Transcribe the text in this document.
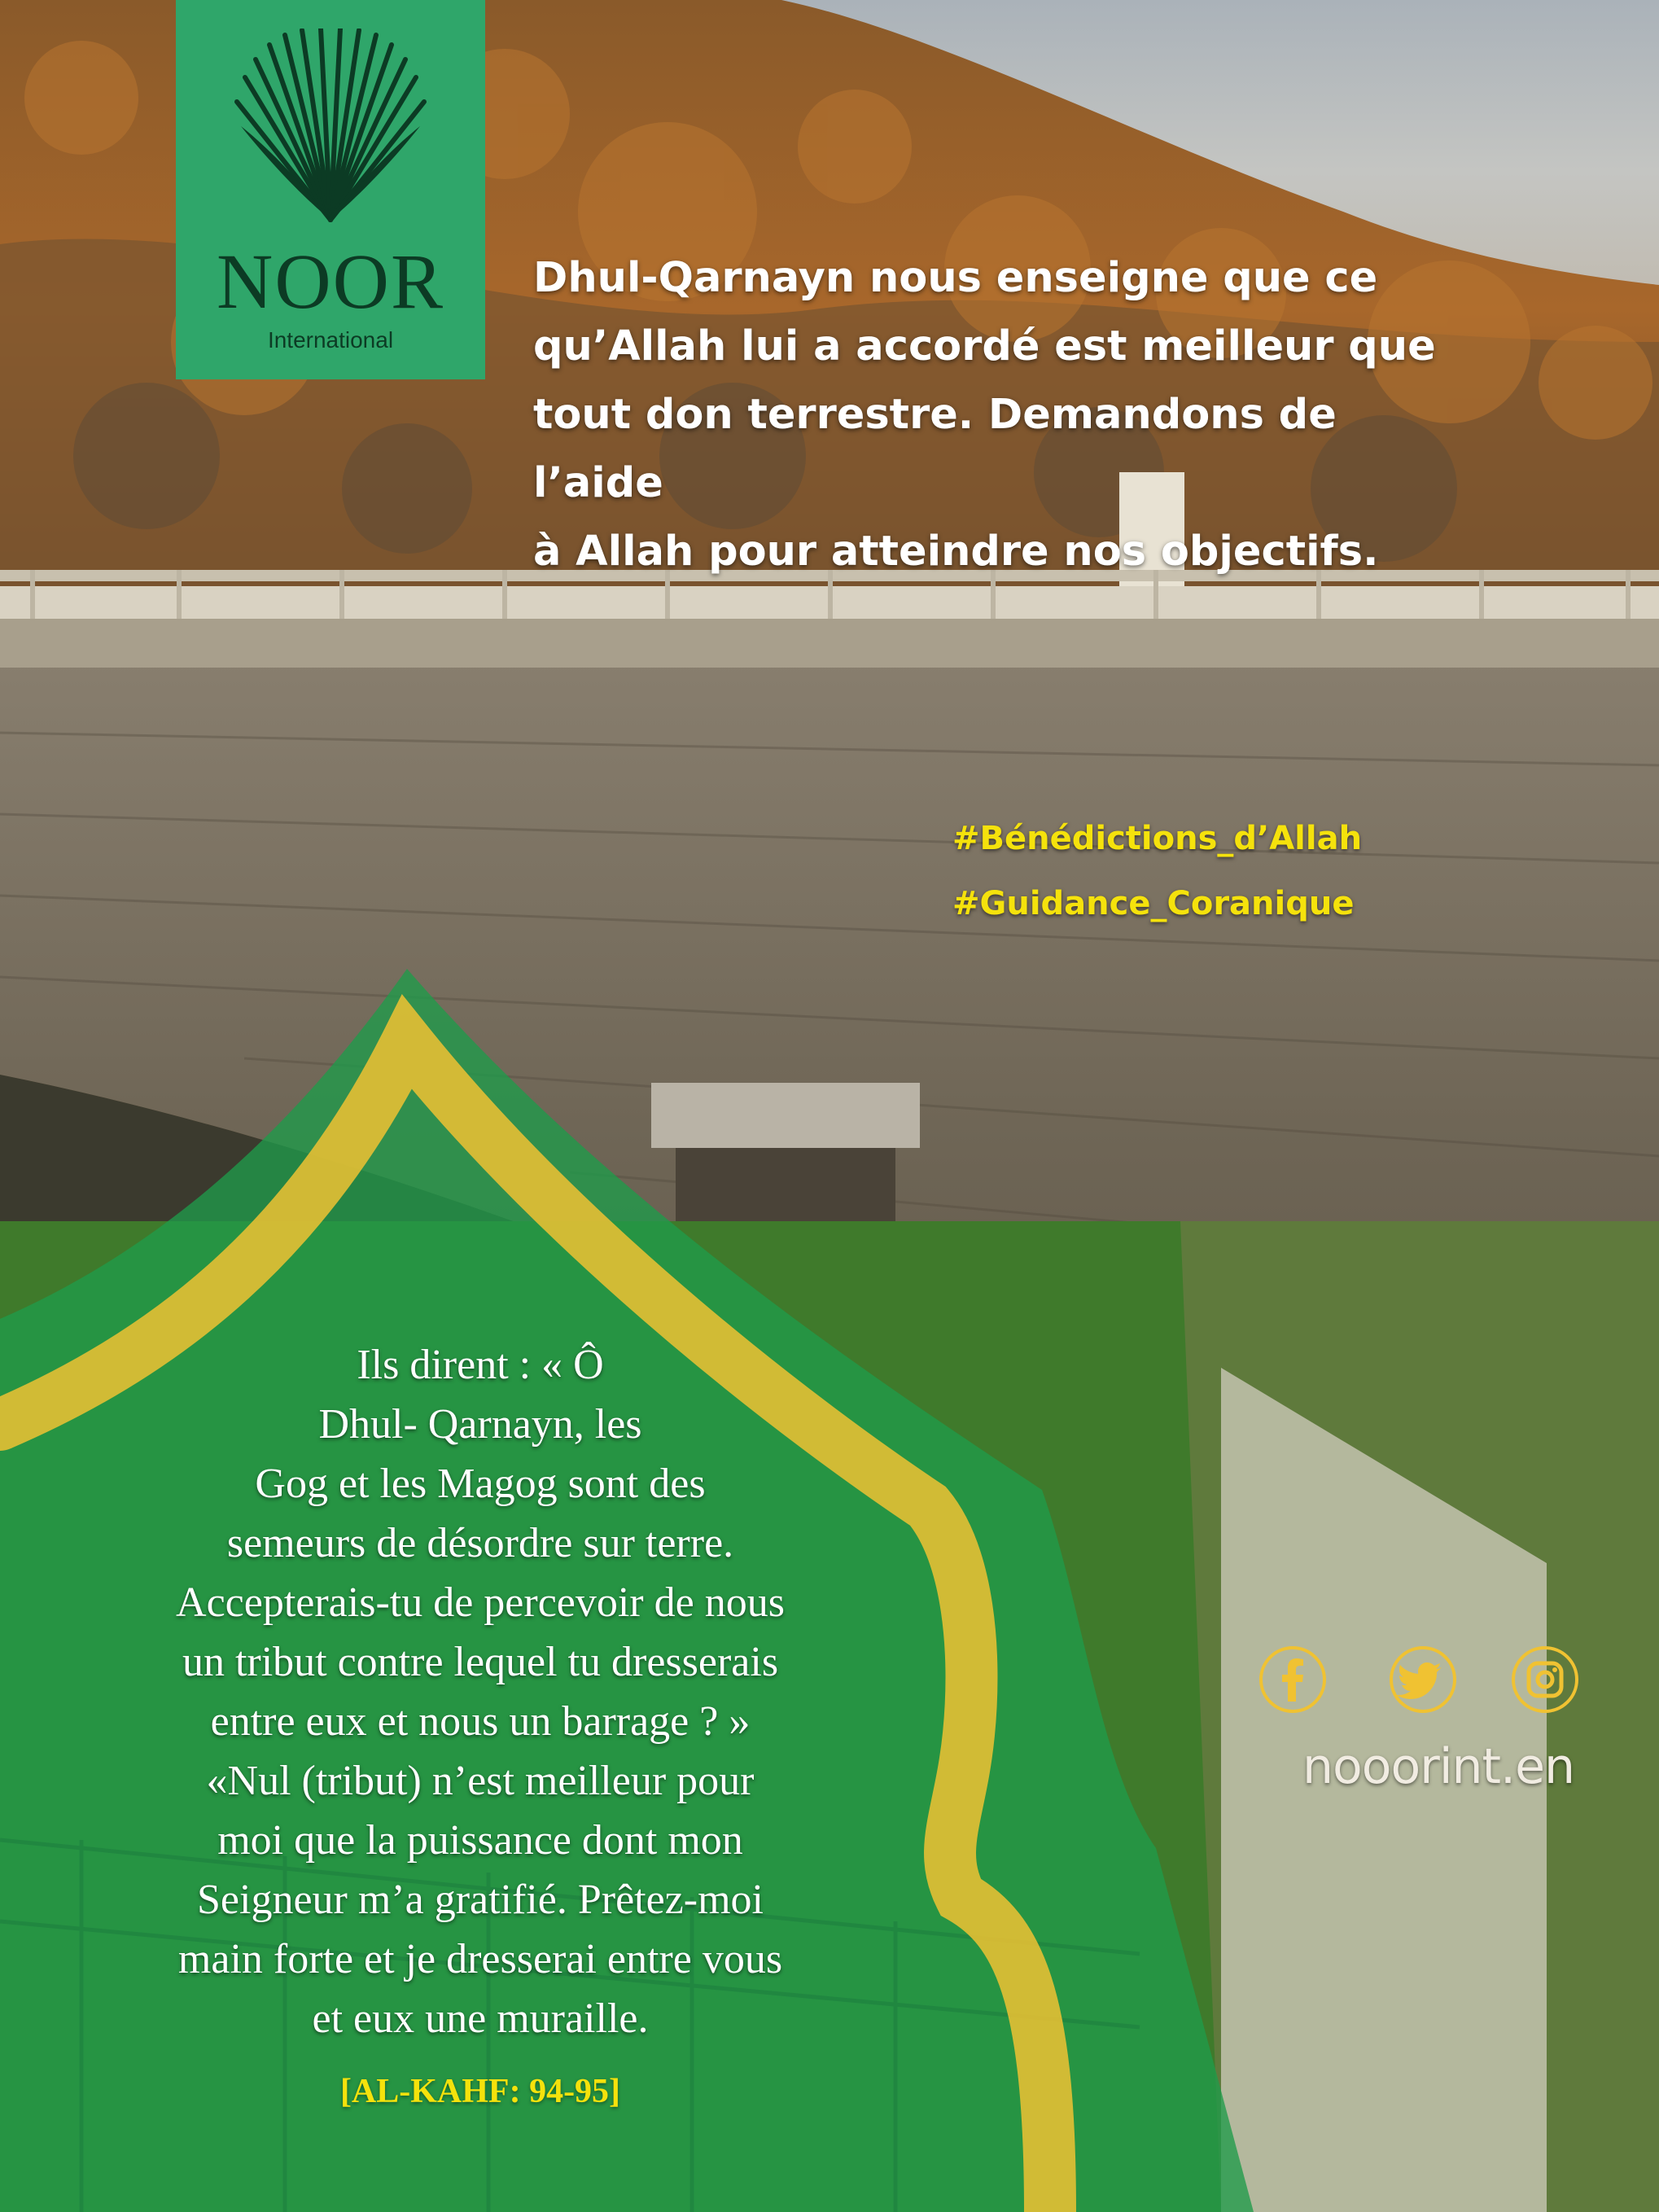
NOOR
International
Dhul-Qarnayn nous enseigne que ce
qu’Allah lui a accordé est meilleur que
tout don terrestre. Demandons de l’aide
à Allah pour atteindre nos objectifs.
#Bénédictions_d’Allah
#Guidance_Coranique
Ils dirent : « Ô
Dhul- Qarnayn, les
Gog et les Magog sont des
semeurs de désordre sur terre.
Accepterais-tu de percevoir de nous
un tribut contre lequel tu dresserais
entre eux et nous un barrage ? »
«Nul (tribut) n’est meilleur pour
moi que la puissance dont mon
Seigneur m’a gratifié. Prêtez-moi
main forte et je dresserai entre vous
et eux une muraille.
[AL-KAHF: 94-95]
nooorint.en
